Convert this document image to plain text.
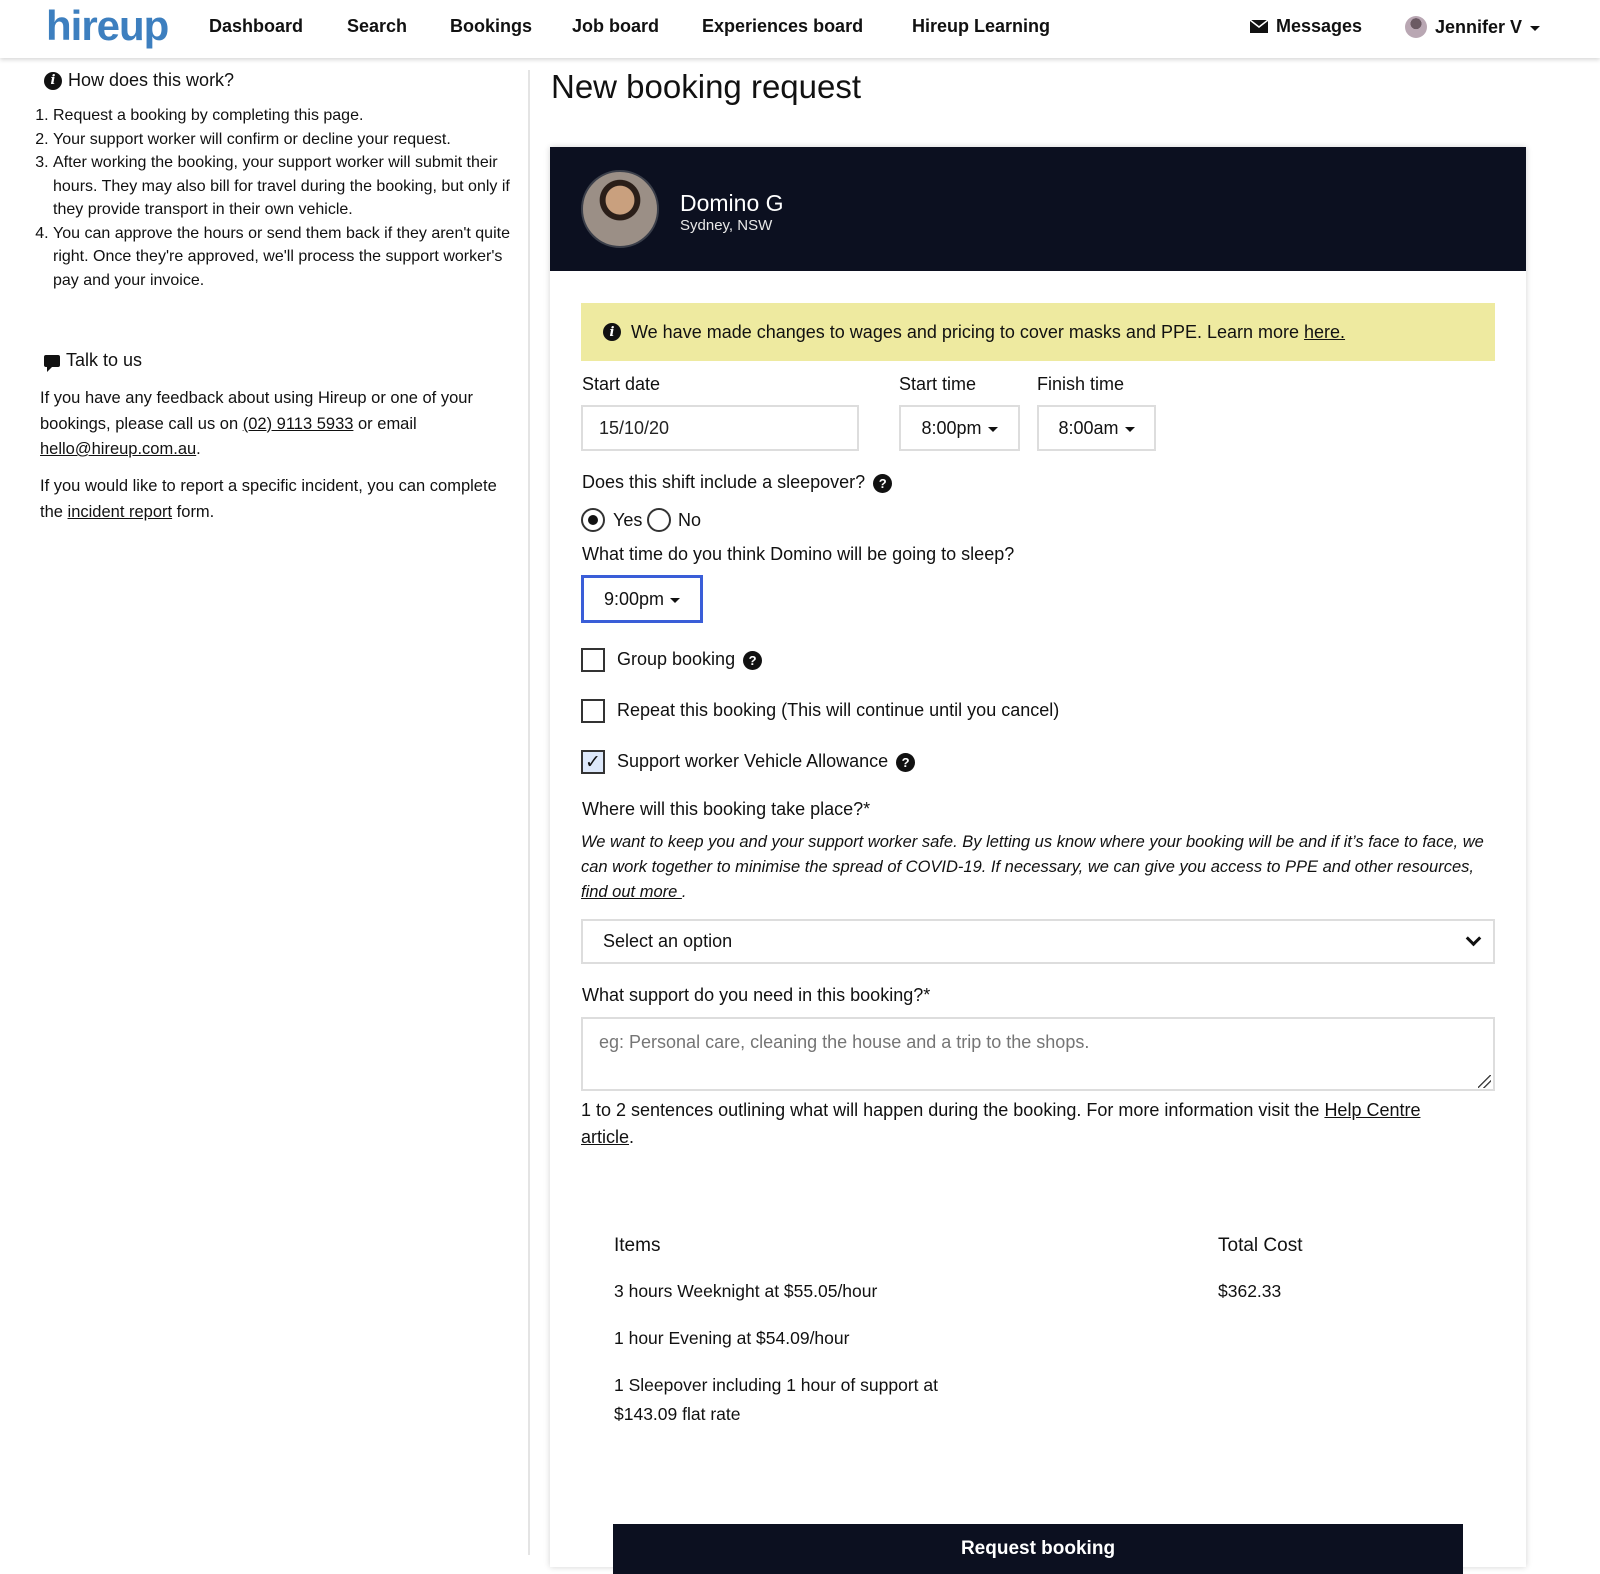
hireup Dashboard Search Bookings Job board Experiences board	Hireup Learning	Messages	Jennifer V
i How does this work?
1. Request a booking by completing this page.
2. Your support worker will confirm or decline your request.
3. After working the booking, your support worker will submit their hours. They may also bill for travel during the booking, but only if they provide transport in their own vehicle.
4. You can approve the hours or send them back if they aren't quite right. Once they're approved, we'll process the support worker's pay and your invoice.
Talk to us
If you have any feedback about using Hireup or one of your bookings, please call us on (02) 9113 5933 or email hello@hireup.com.au.
If you would like to report a specific incident, you can complete the incident report form.
New booking request
Domino G
Sydney, NSW
i We have made changes to wages and pricing to cover masks and PPE. Learn more here.
Start date
15/10/20
Start time
8:00pm
Finish time
8:00am
Does this shift include a sleepover? ?
Yes No
What time do you think Domino will be going to sleep?
9:00pm
Group booking ?
Repeat this booking (This will continue until you cancel)
✓ Support worker Vehicle Allowance ?
Where will this booking take place?*
We want to keep you and your support worker safe. By letting us know where your booking will be and if it’s face to face, we can work together to minimise the spread of COVID-19. If necessary, we can give you access to PPE and other resources, find out more .
Select an option
What support do you need in this booking?*
eg: Personal care, cleaning the house and a trip to the shops.
1 to 2 sentences outlining what will happen during the booking. For more information visit the Help Centre article.
Items	Total Cost
3 hours Weeknight at $55.05/hour	$362.33
1 hour Evening at $54.09/hour
1 Sleepover including 1 hour of support at $143.09 flat rate
Request booking
